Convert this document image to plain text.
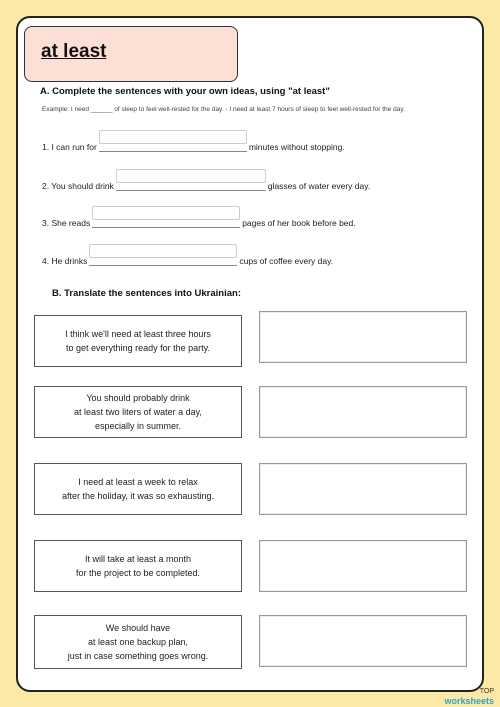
at least
A. Complete the sentences with your own ideas, using "at least"
Example: I need ______ of sleep to feel well-rested for the day. - I need at least 7 hours of sleep to feel well-rested for the day.
1. I can run for	minutes without stopping.
2. You should drink	glasses of water every day.
3. She reads	pages of her book before bed.
4. He drinks	cups of coffee every day.
B. Translate the sentences into Ukrainian:
I think we'll need at least three hours
to get everything ready for the party.
You should probably drink
at least two liters of water a day,
especially in summer.
I need at least a week to relax
after the holiday, it was so exhausting.
It will take at least a month
for the project to be completed.
We should have
at least one backup plan,
just in case something goes wrong.
TOP
worksheets
